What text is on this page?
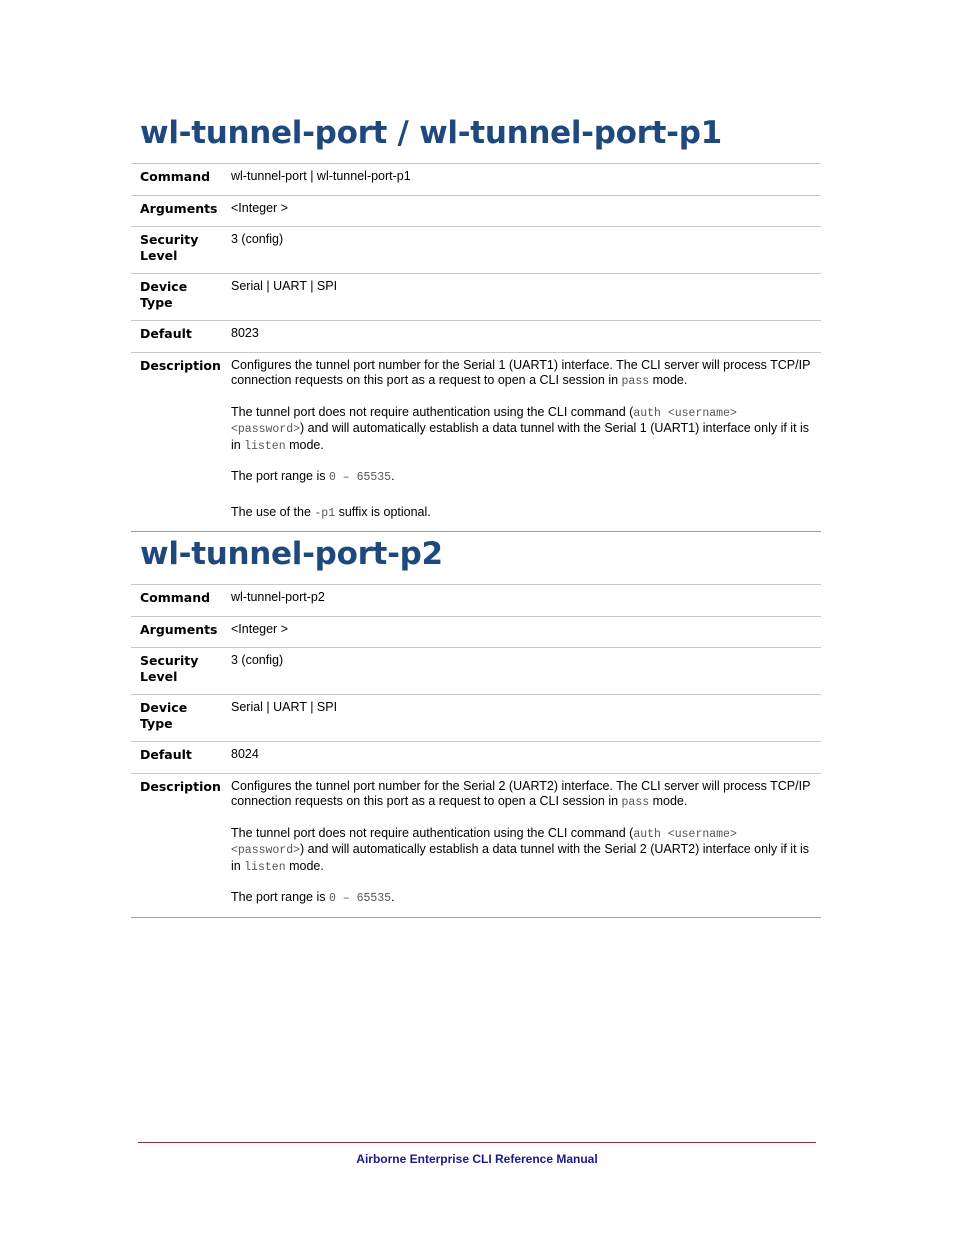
wl-tunnel-port / wl-tunnel-port-p1
Command	wl-tunnel-port | wl-tunnel-port-p1
Arguments	<Integer >
Security Level	3 (config)
Device Type	Serial | UART | SPI
Default	8023
Description	Configures the tunnel port number for the Serial 1 (UART1) interface. The CLI server will process TCP/IP connection requests on this port as a request to open a CLI session in pass mode.

The tunnel port does not require authentication using the CLI command (auth <username> <password>) and will automatically establish a data tunnel with the Serial 1 (UART1) interface only if it is in listen mode.

The port range is 0 – 65535.

The use of the -p1 suffix is optional.

wl-tunnel-port-p2
Command	wl-tunnel-port-p2
Arguments	<Integer >
Security Level	3 (config)
Device Type	Serial | UART | SPI
Default	8024
Description	Configures the tunnel port number for the Serial 2 (UART2) interface. The CLI server will process TCP/IP connection requests on this port as a request to open a CLI session in pass mode.

The tunnel port does not require authentication using the CLI command (auth <username> <password>) and will automatically establish a data tunnel with the Serial 2 (UART2) interface only if it is in listen mode.

The port range is 0 – 65535.

Airborne Enterprise CLI Reference Manual
